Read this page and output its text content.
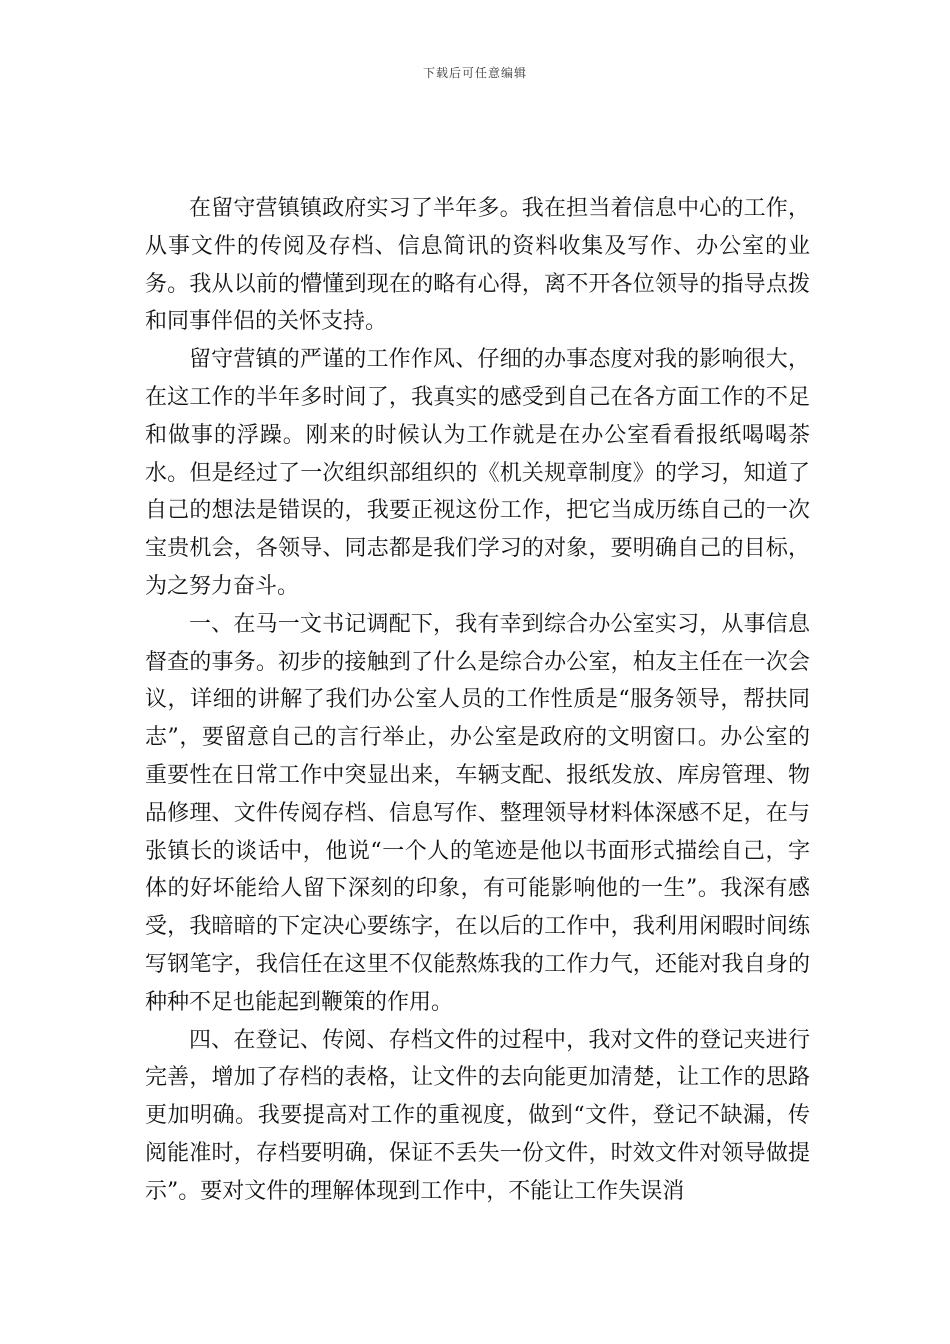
下载后可任意编辑

在留守营镇镇政府实习了半年多。我在担当着信息中心的工作，从事文件的传阅及存档、信息简讯的资料收集及写作、办公室的业务。我从以前的懵懂到现在的略有心得，离不开各位领导的指导点拨和同事伴侣的关怀支持。

留守营镇的严谨的工作作风、仔细的办事态度对我的影响很大，在这工作的半年多时间了，我真实的感受到自己在各方面工作的不足和做事的浮躁。刚来的时候认为工作就是在办公室看看报纸喝喝茶水。但是经过了一次组织部组织的《机关规章制度》的学习，知道了自己的想法是错误的，我要正视这份工作，把它当成历练自己的一次宝贵机会，各领导、同志都是我们学习的对象，要明确自己的目标，为之努力奋斗。

一、在马一文书记调配下，我有幸到综合办公室实习，从事信息督查的事务。初步的接触到了什么是综合办公室，柏友主任在一次会议，详细的讲解了我们办公室人员的工作性质是“服务领导，帮扶同志”，要留意自己的言行举止，办公室是政府的文明窗口。办公室的重要性在日常工作中突显出来，车辆支配、报纸发放、库房管理、物品修理、文件传阅存档、信息写作、整理领导材料体深感不足，在与张镇长的谈话中，他说“一个人的笔迹是他以书面形式描绘自己，字体的好坏能给人留下深刻的印象，有可能影响他的一生”。我深有感受，我暗暗的下定决心要练字，在以后的工作中，我利用闲暇时间练写钢笔字，我信任在这里不仅能熬炼我的工作力气，还能对我自身的种种不足也能起到鞭策的作用。

四、在登记、传阅、存档文件的过程中，我对文件的登记夹进行完善，增加了存档的表格，让文件的去向能更加清楚，让工作的思路更加明确。我要提高对工作的重视度，做到“文件，登记不缺漏，传阅能准时，存档要明确，保证不丢失一份文件，时效文件对领导做提示”。要对文件的理解体现到工作中，不能让工作失误消
